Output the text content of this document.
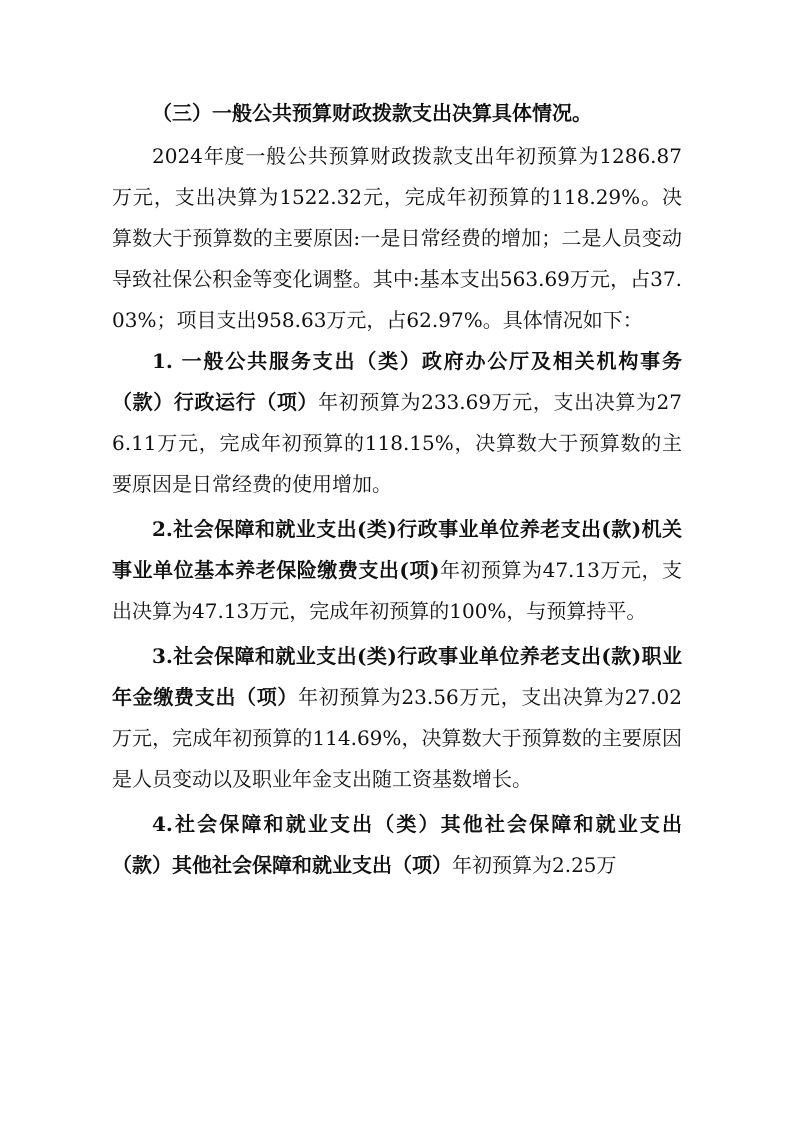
（三）一般公共预算财政拨款支出决算具体情况。

2024年度一般公共预算财政拨款支出年初预算为1286.87万元，支出决算为1522.32元，完成年初预算的118.29%。决算数大于预算数的主要原因:一是日常经费的增加；二是人员变动导致社保公积金等变化调整。其中:基本支出563.69万元，占37.03%；项目支出958.63万元，占62.97%。具体情况如下：

1. 一般公共服务支出（类）政府办公厅及相关机构事务（款）行政运行（项）年初预算为233.69万元，支出决算为276.11万元，完成年初预算的118.15%，决算数大于预算数的主要原因是日常经费的使用增加。

2.社会保障和就业支出(类)行政事业单位养老支出(款)机关事业单位基本养老保险缴费支出(项)年初预算为47.13万元，支出决算为47.13万元，完成年初预算的100%，与预算持平。

3.社会保障和就业支出(类)行政事业单位养老支出(款)职业年金缴费支出（项）年初预算为23.56万元，支出决算为27.02万元，完成年初预算的114.69%，决算数大于预算数的主要原因是人员变动以及职业年金支出随工资基数增长。

4.社会保障和就业支出（类）其他社会保障和就业支出（款）其他社会保障和就业支出（项）年初预算为2.25万
